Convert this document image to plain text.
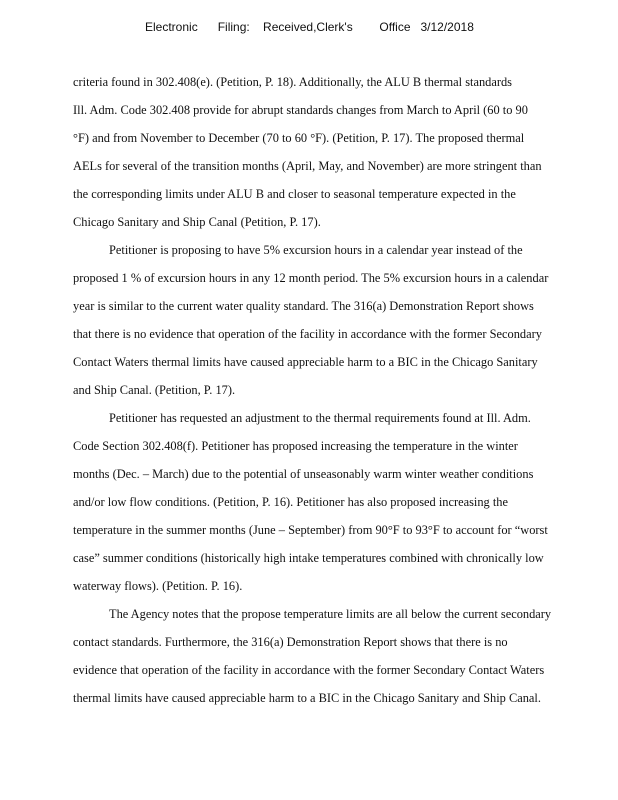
Electronic      Filing:    Received,Clerk's        Office   3/12/2018
criteria found in 302.408(e). (Petition, P. 18). Additionally, the ALU B thermal standards
Ill. Adm. Code 302.408 provide for abrupt standards changes from March to April (60 to 90
°F) and from November to December (70 to 60 °F). (Petition, P. 17). The proposed thermal
AELs for several of the transition months (April, May, and November) are more stringent than
the corresponding limits under ALU B and closer to seasonal temperature expected in the
Chicago Sanitary and Ship Canal (Petition, P. 17).
Petitioner is proposing to have 5% excursion hours in a calendar year instead of the
proposed 1 % of excursion hours in any 12 month period. The 5% excursion hours in a calendar
year is similar to the current water quality standard. The 316(a) Demonstration Report shows
that there is no evidence that operation of the facility in accordance with the former Secondary
Contact Waters thermal limits have caused appreciable harm to a BIC in the Chicago Sanitary
and Ship Canal. (Petition, P. 17).
Petitioner has requested an adjustment to the thermal requirements found at Ill. Adm.
Code Section 302.408(f). Petitioner has proposed increasing the temperature in the winter
months (Dec. – March) due to the potential of unseasonably warm winter weather conditions
and/or low flow conditions. (Petition, P. 16). Petitioner has also proposed increasing the
temperature in the summer months (June – September) from 90°F to 93°F to account for “worst
case” summer conditions (historically high intake temperatures combined with chronically low
waterway flows). (Petition. P. 16).
The Agency notes that the propose temperature limits are all below the current secondary
contact standards. Furthermore, the 316(a) Demonstration Report shows that there is no
evidence that operation of the facility in accordance with the former Secondary Contact Waters
thermal limits have caused appreciable harm to a BIC in the Chicago Sanitary and Ship Canal.
